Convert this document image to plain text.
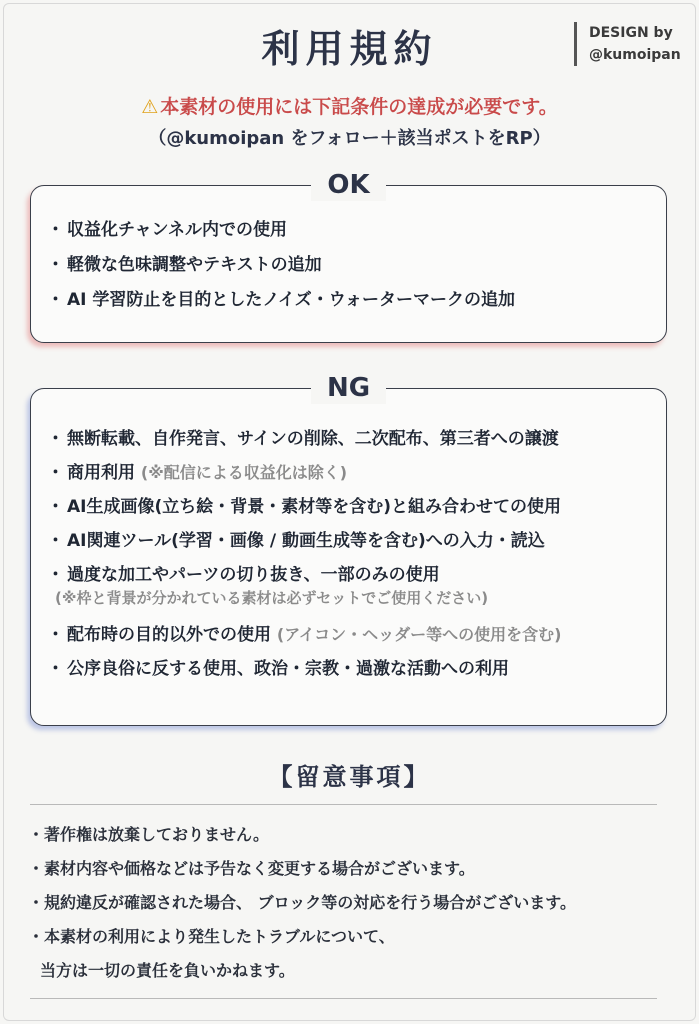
利用規約	DESIGN by
@kumoipan
⚠ 本素材の使用には下記条件の達成が必要です。
（@kumoipan をフォロー＋該当ポストをRP）
OK
・ 収益化チャンネル内での使用
・ 軽微な色味調整やテキストの追加
・ AI 学習防止を目的としたノイズ・ウォーターマークの追加
NG
・ 無断転載、自作発言、サインの削除、二次配布、第三者への譲渡
・ 商用利用 (※配信による収益化は除く)
・ AI生成画像(立ち絵・背景・素材等を含む)と組み合わせての使用
・ AI関連ツール(学習・画像 / 動画生成等を含む)への入力・読込
・ 過度な加工やパーツの切り抜き、一部のみの使用
(※枠と背景が分かれている素材は必ずセットでご使用ください)
・ 配布時の目的以外での使用 (アイコン・ヘッダー等への使用を含む)
・ 公序良俗に反する使用、政治・宗教・過激な活動への利用
【留意事項】
・著作権は放棄しておりません。
・素材内容や価格などは予告なく変更する場合がございます。
・規約違反が確認された場合、 ブロック等の対応を行う場合がございます。
・本素材の利用により発生したトラブルについて、
当方は一切の責任を負いかねます。
